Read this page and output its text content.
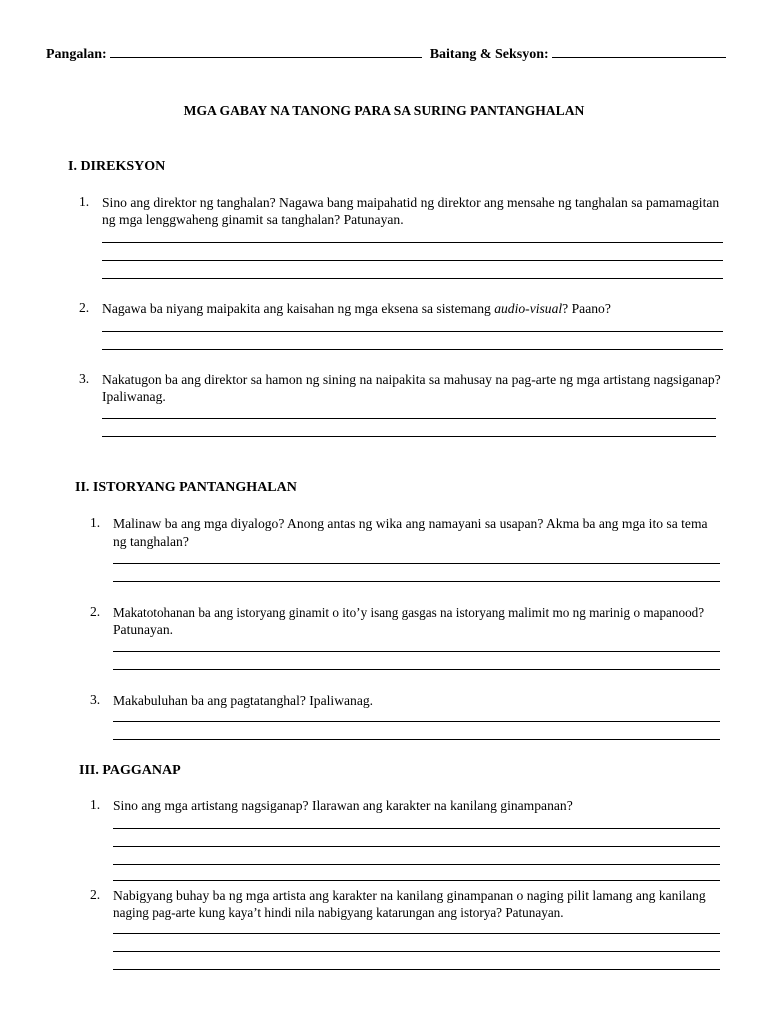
Pangalan:	Baitang & Seksyon:
MGA GABAY NA TANONG PARA SA SURING PANTANGHALAN
I. DIREKSYON
1. Sino ang direktor ng tanghalan? Nagawa bang maipahatid ng direktor ang mensahe ng tanghalan sa pamamagitan
ng mga lenggwaheng ginamit sa tanghalan? Patunayan.
2. Nagawa ba niyang maipakita ang kaisahan ng mga eksena sa sistemang audio-visual? Paano?
3. Nakatugon ba ang direktor sa hamon ng sining na naipakita sa mahusay na pag-arte ng mga artistang nagsiganap?
Ipaliwanag.
II. ISTORYANG PANTANGHALAN
1. Malinaw ba ang mga diyalogo? Anong antas ng wika ang namayani sa usapan? Akma ba ang mga ito sa tema
ng tanghalan?
2. Makatotohanan ba ang istoryang ginamit o ito’y isang gasgas na istoryang malimit mo ng marinig o mapanood?
Patunayan.
3. Makabuluhan ba ang pagtatanghal? Ipaliwanag.
III. PAGGANAP
1. Sino ang mga artistang nagsiganap? Ilarawan ang karakter na kanilang ginampanan?
2. Nabigyang buhay ba ng mga artista ang karakter na kanilang ginampanan o naging pilit lamang ang kanilang
naging pag-arte kung kaya’t hindi nila nabigyang katarungan ang istorya? Patunayan.
